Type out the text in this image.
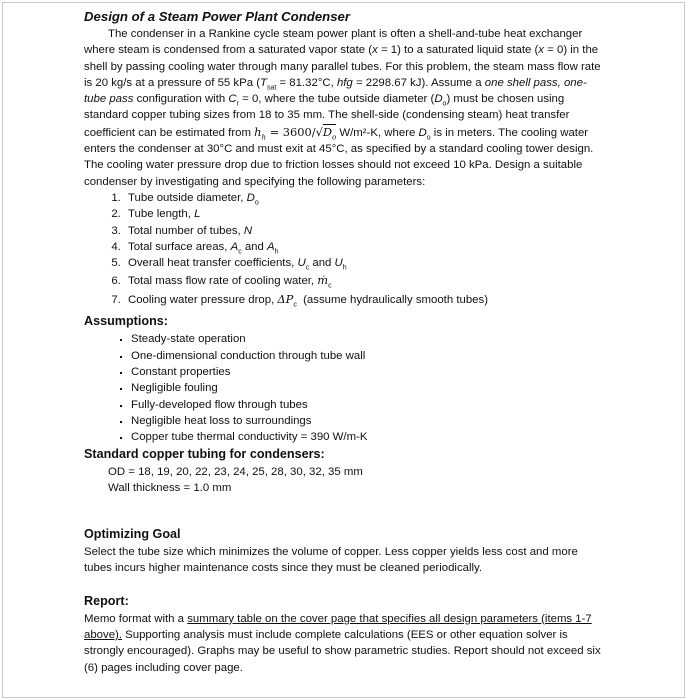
Design of a Steam Power Plant Condenser

The condenser in a Rankine cycle steam power plant is often a shell-and-tube heat exchanger where steam is condensed from a saturated vapor state (x = 1) to a saturated liquid state (x = 0) in the shell by passing cooling water through many parallel tubes. For this problem, the steam mass flow rate is 20 kg/s at a pressure of 55 kPa ($T_{sat} = 81.32^\circ C$, hfg = 2298.67 kJ). Assume a one shell pass, one-tube pass configuration with $C_r = 0$, where the tube outside diameter $(D_o)$ must be chosen using standard copper tubing sizes from 18 to 35 mm. The shell-side (condensing steam) heat transfer coefficient can be estimated from $h_h = 3600/√D_o$ W/m²-K, where $D_o$ is in meters. The cooling water enters the condenser at 30°C and must exit at 45°C, as specified by a standard cooling tower design. The cooling water pressure drop due to friction losses should not exceed 10 kPa. Design a suitable condenser by investigating and specifying the following parameters:

1. Tube outside diameter, $D_o$
2. Tube length, L
3. Total number of tubes, N
4. Total surface areas, $A_c$ and $A_h$
5. Overall heat transfer coefficients, $U_c$ and $U_h$
6. Total mass flow rate of cooling water, ṁ$_c$
7. Cooling water pressure drop, $\Delta P_c$  (assume hydraulically smooth tubes)
Assumptions:
▪ Steady-state operation
▪ One-dimensional conduction through tube wall
▪ Constant properties
▪ Negligible fouling
▪ Fully-developed flow through tubes
▪ Negligible heat loss to surroundings
▪ Copper tube thermal conductivity = 390 W/m-K
Standard copper tubing for condensers:
OD = 18, 19, 20, 22, 23, 24, 25, 28, 30, 32, 35 mm
Wall thickness = 1.0 mm
Optimizing Goal
Select the tube size which minimizes the volume of copper. Less copper yields less cost and more tubes incurs higher maintenance costs since they must be cleaned periodically.
Report:
Memo format with a summary table on the cover page that specifies all design parameters (items 1-7 above). Supporting analysis must include complete calculations (EES or other equation solver is strongly encouraged). Graphs may be useful to show parametric studies. Report should not exceed six (6) pages including cover page.
